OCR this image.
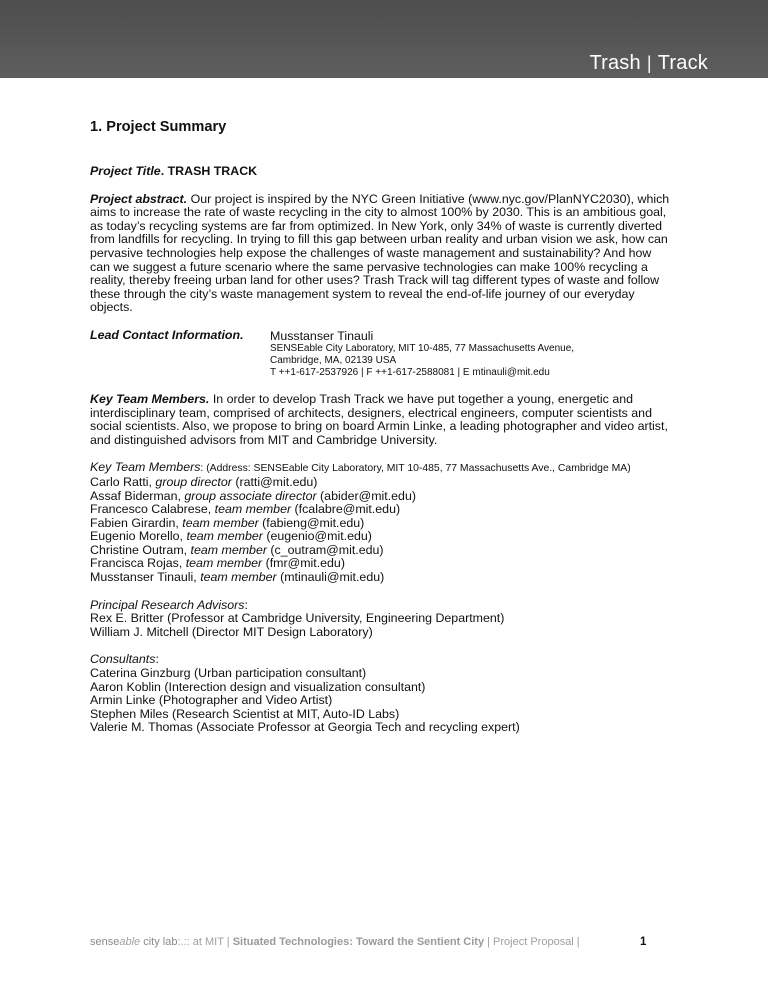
Trash | Track
1. Project Summary

Project Title. TRASH TRACK

Project abstract. Our project is inspired by the NYC Green Initiative (www.nyc.gov/PlanNYC2030), which aims to increase the rate of waste recycling in the city to almost 100% by 2030. This is an ambitious goal, as today’s recycling systems are far from optimized. In New York, only 34% of waste is currently diverted from landfills for recycling. In trying to fill this gap between urban reality and urban vision we ask, how can pervasive technologies help expose the challenges of waste management and sustainability? And how can we suggest a future scenario where the same pervasive technologies can make 100% recycling a reality, thereby freeing urban land for other uses? Trash Track will tag different types of waste and follow these through the city’s waste management system to reveal the end-of-life journey of our everyday objects.

Lead Contact Information.	Musstanser Tinauli
SENSEable City Laboratory, MIT 10-485, 77 Massachusetts Avenue,
Cambridge, MA, 02139 USA
T ++1-617-2537926 | F ++1-617-2588081 | E mtinauli@mit.edu

Key Team Members. In order to develop Trash Track we have put together a young, energetic and interdisciplinary team, comprised of architects, designers, electrical engineers, computer scientists and social scientists. Also, we propose to bring on board Armin Linke, a leading photographer and video artist, and distinguished advisors from MIT and Cambridge University.

Key Team Members: (Address: SENSEable City Laboratory, MIT 10-485, 77 Massachusetts Ave., Cambridge MA)
Carlo Ratti, group director (ratti@mit.edu)
Assaf Biderman, group associate director (abider@mit.edu)
Francesco Calabrese, team member (fcalabre@mit.edu)
Fabien Girardin, team member (fabieng@mit.edu)
Eugenio Morello, team member (eugenio@mit.edu)
Christine Outram, team member (c_outram@mit.edu)
Francisca Rojas, team member (fmr@mit.edu)
Musstanser Tinauli, team member (mtinauli@mit.edu)
Principal Research Advisors:
Rex E. Britter (Professor at Cambridge University, Engineering Department)
William J. Mitchell (Director MIT Design Laboratory)
Consultants:
Caterina Ginzburg (Urban participation consultant)
Aaron Koblin (Interection design and visualization consultant)
Armin Linke (Photographer and Video Artist)
Stephen Miles (Research Scientist at MIT, Auto-ID Labs)
Valerie M. Thomas (Associate Professor at Georgia Tech and recycling expert)
senseable city lab:.:: at MIT | Situated Technologies: Toward the Sentient City | Project Proposal |	1
